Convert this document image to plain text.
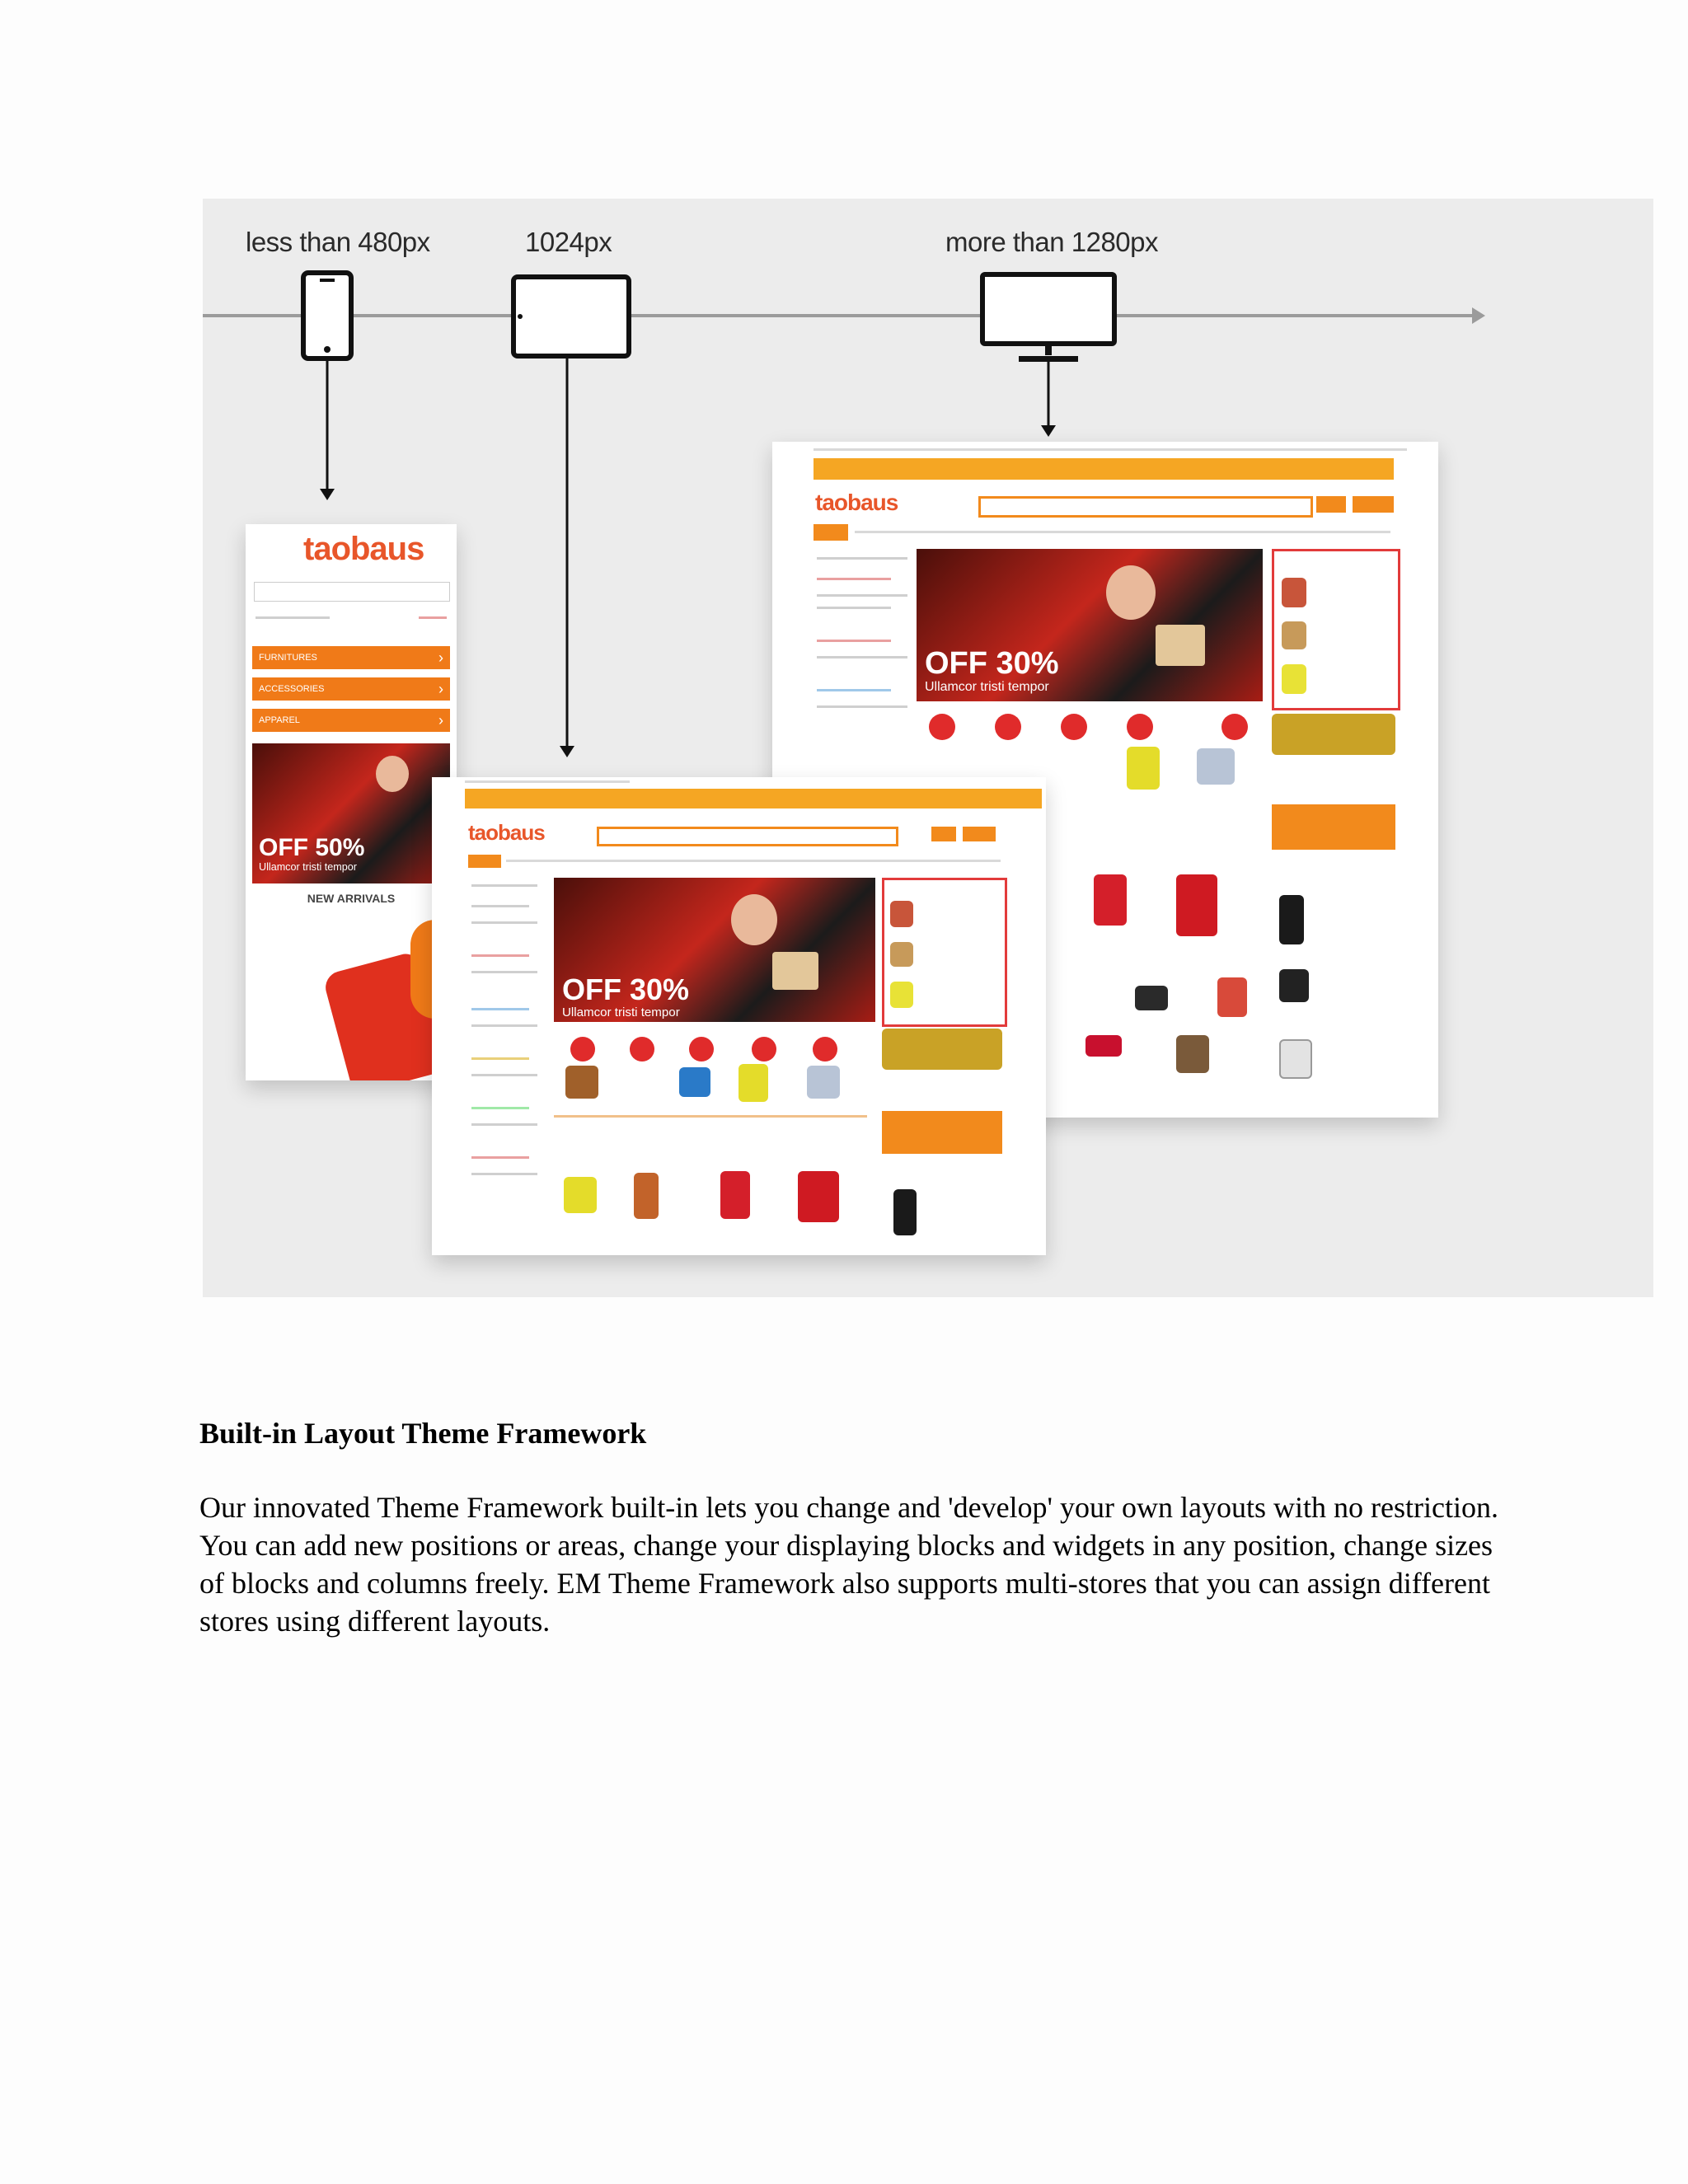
less than 480px	1024px	more than 1280px
taobaus
OFF 30%
Ullamcor tristi tempor
taobaus
FURNITURES ›
ACCESSORIES ›
APPAREL ›
OFF 50%
Ullamcor tristi tempor
NEW ARRIVALS
taobaus
OFF 30%
Ullamcor tristi tempor
Built-in Layout Theme Framework

Our innovated Theme Framework built-in lets you change and 'develop' your own layouts with no restriction. You can add new positions or areas, change your displaying blocks and widgets in any position, change sizes of blocks and columns freely. EM Theme Framework also supports multi-stores that you can assign different stores using different layouts.
